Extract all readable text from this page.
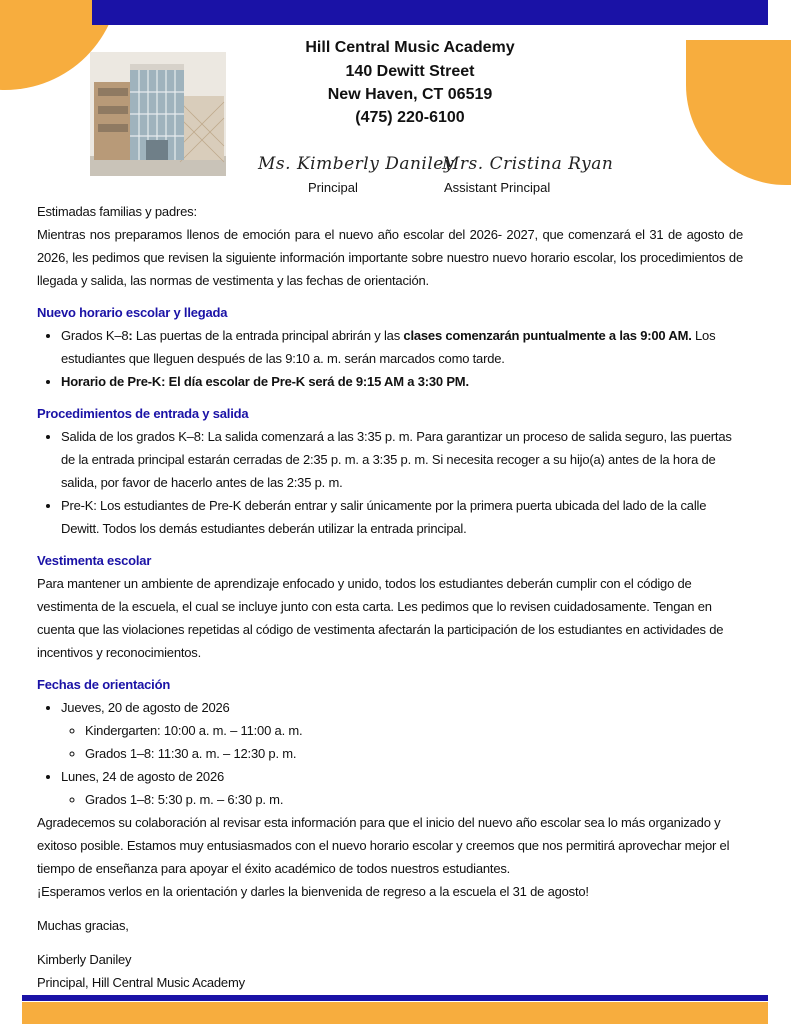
Hill Central Music Academy
140 Dewitt Street
New Haven, CT 06519
(475) 220-6100
Ms. Kimberly Daniley
Mrs. Cristina Ryan
Principal	Assistant Principal

Estimadas familias y padres:

Mientras nos preparamos llenos de emoción para el nuevo año escolar del 2026- 2027, que comenzará el 31 de agosto de 2026, les pedimos que revisen la siguiente información importante sobre nuestro nuevo horario escolar, los procedimientos de llegada y salida, las normas de vestimenta y las fechas de orientación.

Nuevo horario escolar y llegada

• Grados K–8: Las puertas de la entrada principal abrirán y las clases comenzarán puntualmente a las 9:00 AM. Los estudiantes que lleguen después de las 9:10 a. m. serán marcados como tarde.
• Horario de Pre-K: El día escolar de Pre-K será de 9:15 AM a 3:30 PM.

Procedimientos de entrada y salida

• Salida de los grados K–8: La salida comenzará a las 3:35 p. m. Para garantizar un proceso de salida seguro, las puertas de la entrada principal estarán cerradas de 2:35 p. m. a 3:35 p. m. Si necesita recoger a su hijo(a) antes de la hora de salida, por favor de hacerlo antes de las 2:35 p. m.
• Pre-K: Los estudiantes de Pre-K deberán entrar y salir únicamente por la primera puerta ubicada del lado de la calle Dewitt. Todos los demás estudiantes deberán utilizar la entrada principal.

Vestimenta escolar

Para mantener un ambiente de aprendizaje enfocado y unido, todos los estudiantes deberán cumplir con el código de vestimenta de la escuela, el cual se incluye junto con esta carta. Les pedimos que lo revisen cuidadosamente. Tengan en cuenta que las violaciones repetidas al código de vestimenta afectarán la participación de los estudiantes en actividades de incentivos y reconocimientos.

Fechas de orientación

• Jueves, 20 de agosto de 2026
◦ Kindergarten: 10:00 a. m. – 11:00 a. m.
◦ Grados 1–8: 11:30 a. m. – 12:30 p. m.
• Lunes, 24 de agosto de 2026
◦ Grados 1–8: 5:30 p. m. – 6:30 p. m.

Agradecemos su colaboración al revisar esta información para que el inicio del nuevo año escolar sea lo más organizado y exitoso posible. Estamos muy entusiasmados con el nuevo horario escolar y creemos que nos permitirá aprovechar mejor el tiempo de enseñanza para apoyar el éxito académico de todos nuestros estudiantes.

¡Esperamos verlos en la orientación y darles la bienvenida de regreso a la escuela el 31 de agosto!

Muchas gracias,

Kimberly Daniley

Principal, Hill Central Music Academy
